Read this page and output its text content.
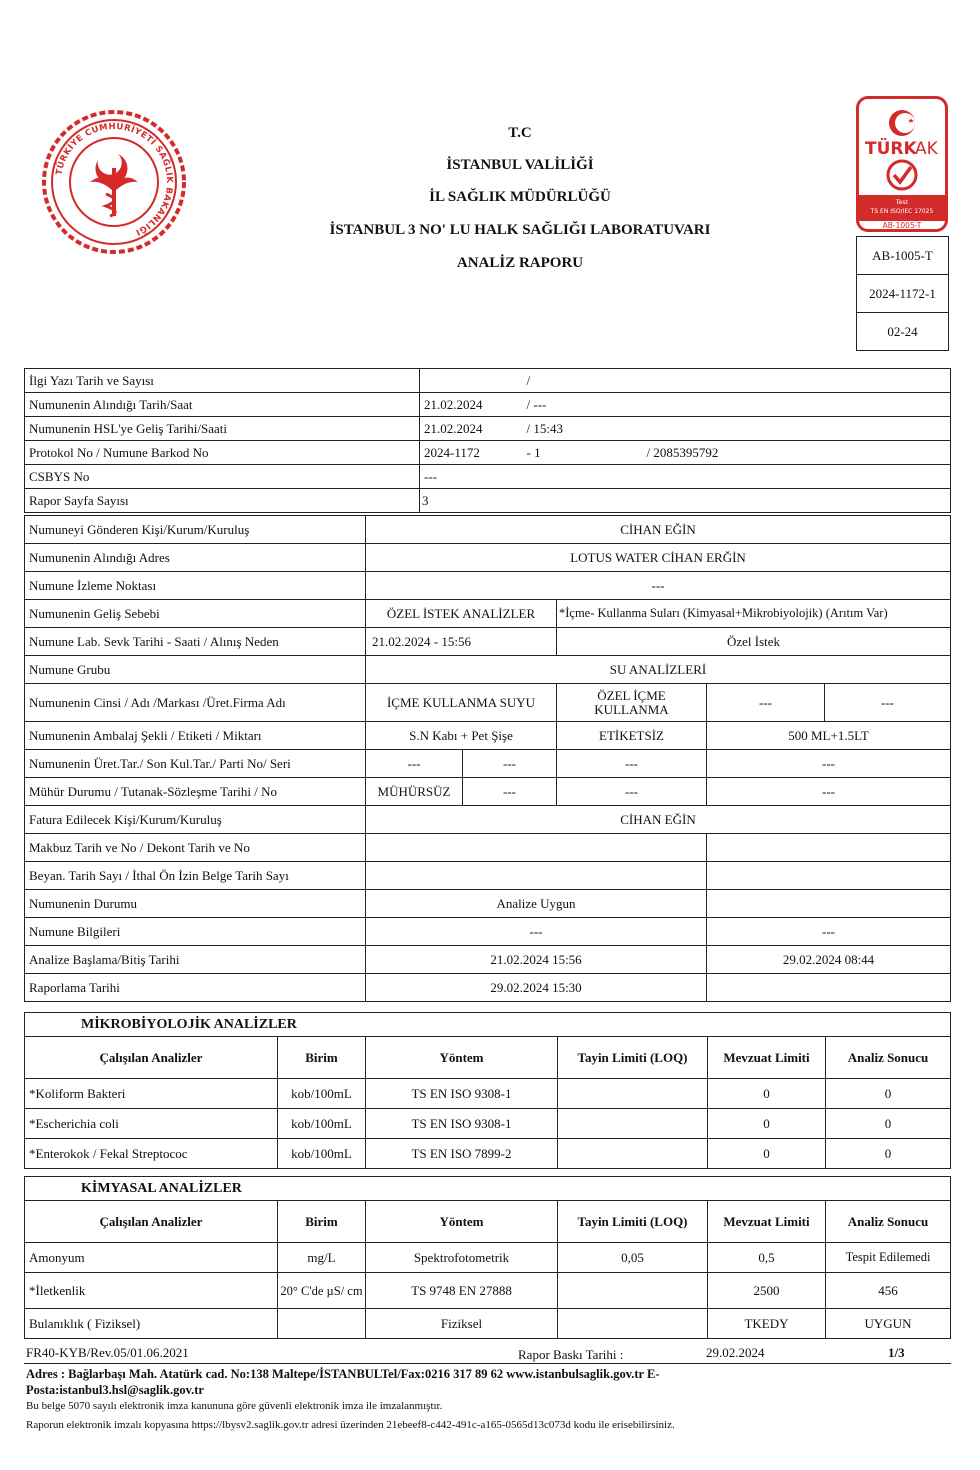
TÜRKİYE CUMHURİYETİ SAĞLIK BAKANLIĞI
T.C
İSTANBUL VALİLİĞİ
İL SAĞLIK MÜDÜRLÜĞÜ
İSTANBUL 3 NO' LU HALK SAĞLIĞI LABORATUVARI
ANALİZ RAPORU
TÜRK
AK
Test
TS EN ISO/IEC 17025
AB-1005-T
AB-1005-T
2024-1172-1
02-24
İlgi Yazı Tarih ve Sayısı		/	
Numunenin Alındığı Tarih/Saat	21.02.2024	/ ---	
Numunenin HSL'ye Geliş Tarihi/Saati	21.02.2024	/ 15:43	
Protokol No / Numune Barkod No	2024-1172	- 1	/ 2085395792
CSBYS No	---		
Rapor Sayfa Sayısı	3		
Numuneyi Gönderen Kişi/Kurum/Kuruluş	CİHAN EĞİN				
Numunenin Alındığı Adres	LOTUS WATER CİHAN ERĞİN				
Numune İzleme Noktası	---				
Numunenin Geliş Sebebi	ÖZEL İSTEK ANALİZLER		*İçme- Kullanma Suları (Kimyasal+Mikrobiyolojik) (Arıtım Var)		
Numune Lab. Sevk Tarihi - Saati / Alınış Neden	21.02.2024 - 15:56		Özel İstek		
Numune Grubu	SU ANALİZLERİ				
Numunenin Cinsi / Adı /Markası /Üret.Firma Adı	İÇME KULLANMA SUYU		ÖZEL İÇME KULLANMA	---	---
Numunenin Ambalaj Şekli / Etiketi / Miktarı	S.N Kabı + Pet Şişe		ETİKETSİZ	500 ML+1.5LT	
Numunenin Üret.Tar./ Son Kul.Tar./ Parti No/ Seri	---	---	---	---	
Mühür Durumu / Tutanak-Sözleşme Tarihi / No	MÜHÜRSÜZ	---	---	---	
Fatura Edilecek Kişi/Kurum/Kuruluş	CİHAN EĞİN				
Makbuz Tarih ve No / Dekont Tarih ve No					
Beyan. Tarih Sayı / İthal Ön İzin Belge Tarih Sayı					
Numunenin Durumu	Analize Uygun				
Numune Bilgileri	---			---	
Analize Başlama/Bitiş Tarihi	21.02.2024 15:56			29.02.2024 08:44	
Raporlama Tarihi	29.02.2024 15:30				
MİKROBİYOLOJİK ANALİZLER					
Çalışılan Analizler	Birim	Yöntem	Tayin Limiti (LOQ)	Mevzuat Limiti	Analiz Sonucu
*Koliform Bakteri	kob/100mL	TS EN ISO 9308-1		0	0
*Escherichia coli	kob/100mL	TS EN ISO 9308-1		0	0
*Enterokok / Fekal Streptococ	kob/100mL	TS EN ISO 7899-2		0	0
KİMYASAL ANALİZLER					
Çalışılan Analizler	Birim	Yöntem	Tayin Limiti (LOQ)	Mevzuat Limiti	Analiz Sonucu
Amonyum	mg/L	Spektrofotometrik	0,05	0,5	Tespit Edilemedi
*İletkenlik	20° C'de µS/ cm	TS 9748 EN 27888		2500	456
Bulanıklık ( Fiziksel)		Fiziksel		TKEDY	UYGUN
FR40-KYB/Rev.05/01.06.2021	Rapor Baskı Tarihi :	29.02.2024	1/3
Adres : Bağlarbaşı Mah. Atatürk cad. No:138 Maltepe/İSTANBULTel/Fax:0216 317 89 62 www.istanbulsaglik.gov.tr E-Posta:istanbul3.hsl@saglik.gov.tr
Bu belge 5070 sayılı elektronik imza kanununa göre güvenli elektronik imza ile imzalanmıştır.
Raporun elektronik imzalı kopyasına https://lbysv2.saglik.gov.tr adresi üzerinden 21ebeef8-c442-491c-a165-0565d13c073d kodu ile erisebilirsiniz.
